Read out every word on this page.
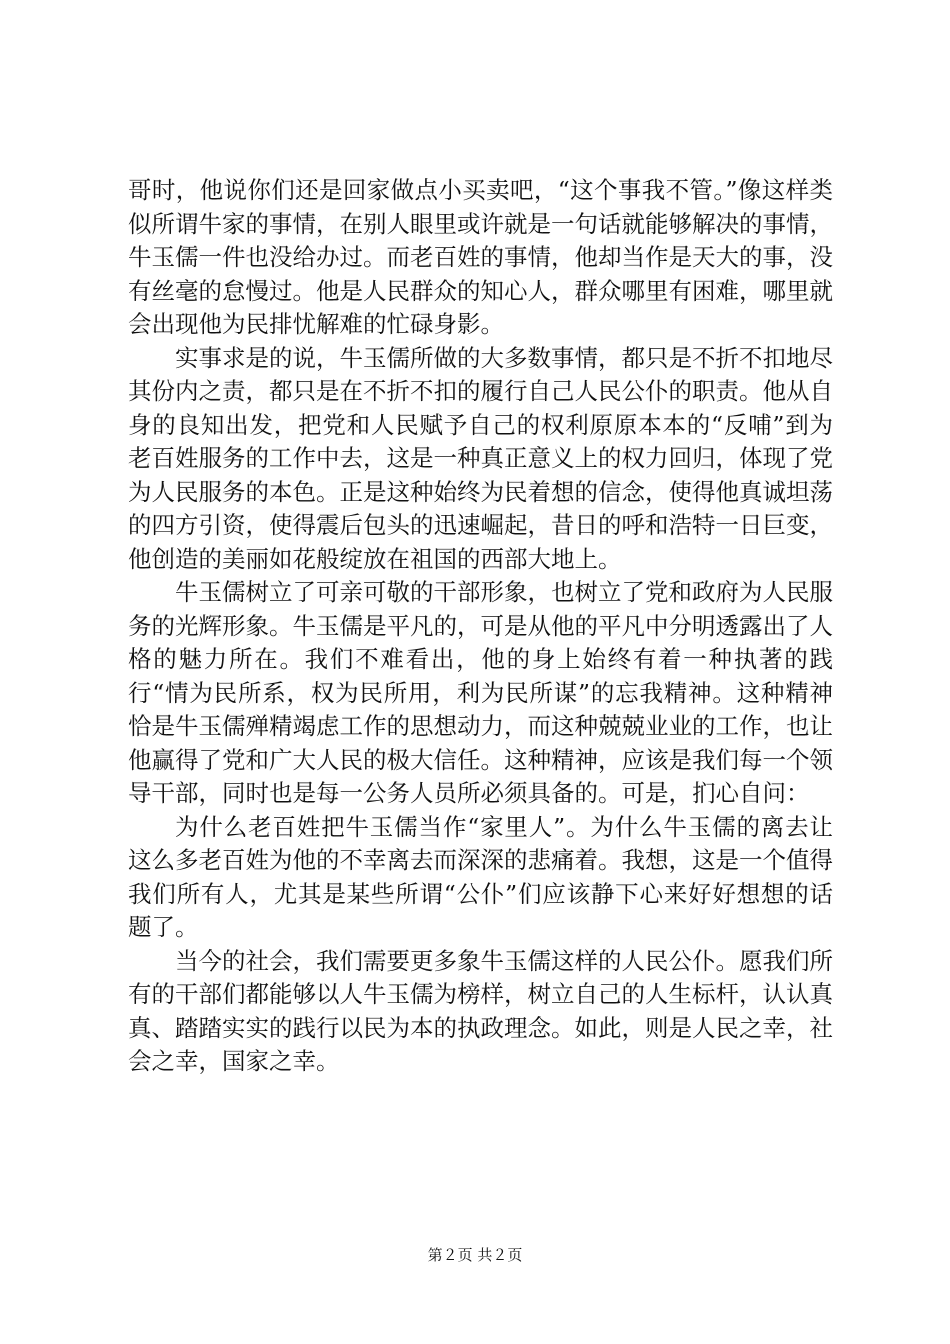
哥时，他说你们还是回家做点小买卖吧，“这个事我不管。”像这样类似所谓牛家的事情，在别人眼里或许就是一句话就能够解决的事情，牛玉儒一件也没给办过。而老百姓的事情，他却当作是天大的事，没有丝毫的怠慢过。他是人民群众的知心人，群众哪里有困难，哪里就会出现他为民排忧解难的忙碌身影。

实事求是的说，牛玉儒所做的大多数事情，都只是不折不扣地尽其份内之责，都只是在不折不扣的履行自己人民公仆的职责。他从自身的良知出发，把党和人民赋予自己的权利原原本本的“反哺”到为老百姓服务的工作中去，这是一种真正意义上的权力回归，体现了党为人民服务的本色。正是这种始终为民着想的信念，使得他真诚坦荡的四方引资，使得震后包头的迅速崛起，昔日的呼和浩特一日巨变，他创造的美丽如花般绽放在祖国的西部大地上。

牛玉儒树立了可亲可敬的干部形象，也树立了党和政府为人民服务的光辉形象。牛玉儒是平凡的，可是从他的平凡中分明透露出了人格的魅力所在。我们不难看出，他的身上始终有着一种执著的践行“情为民所系，权为民所用，利为民所谋”的忘我精神。这种精神恰是牛玉儒殚精竭虑工作的思想动力，而这种兢兢业业的工作，也让他赢得了党和广大人民的极大信任。这种精神，应该是我们每一个领导干部，同时也是每一公务人员所必须具备的。可是，扪心自问：

为什么老百姓把牛玉儒当作“家里人”。为什么牛玉儒的离去让这么多老百姓为他的不幸离去而深深的悲痛着。我想，这是一个值得我们所有人，尤其是某些所谓“公仆”们应该静下心来好好想想的话题了。

当今的社会，我们需要更多象牛玉儒这样的人民公仆。愿我们所有的干部们都能够以人牛玉儒为榜样，树立自己的人生标杆，认认真真、踏踏实实的践行以民为本的执政理念。如此，则是人民之幸，社会之幸，国家之幸。

第２页 共２页
